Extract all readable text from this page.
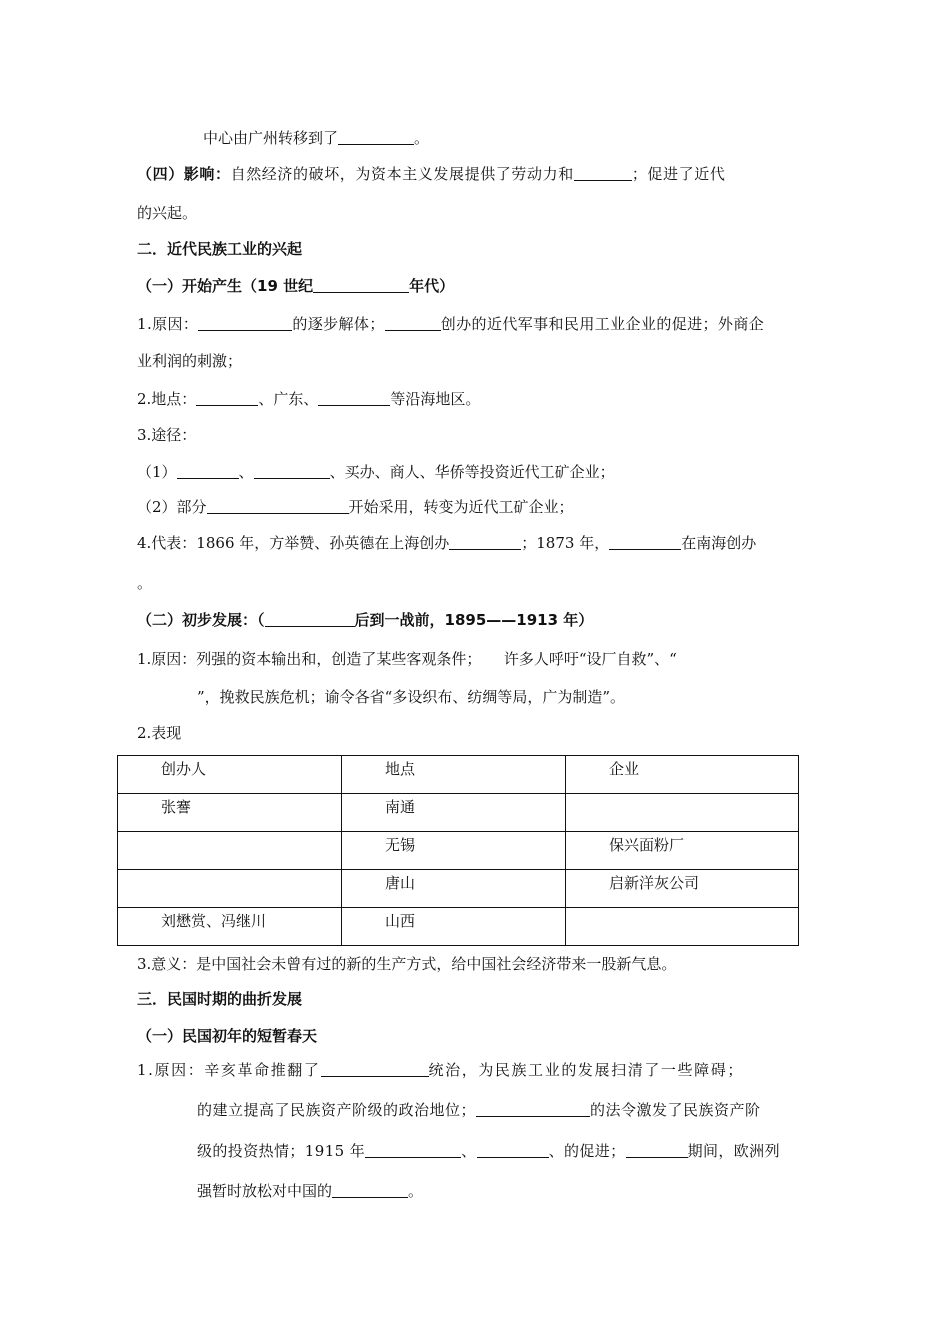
中心由广州转移到了	。
（四）影响：自然经济的破坏，为资本主义发展提供了劳动力和	；促进了近代
的兴起。
二．近代民族工业的兴起
（一）开始产生（19 世纪	年代）
1.原因：	的逐步解体；	创办的近代军事和民用工业企业的促进；外商企
业利润的刺激；
2.地点：	、广东、	等沿海地区。
3.途径：
（1）	、	、买办、商人、华侨等投资近代工矿企业；
（2）部分	开始采用，转变为近代工矿企业；
4.代表：1866 年，方举赞、孙英德在上海创办	；1873 年，	在南海创办
。
（二）初步发展：（	后到一战前，1895——1913 年）
1.原因：列强的资本输出和，创造了某些客观条件；　　许多人呼吁“设厂自救”、“
”，挽救民族危机；谕令各省“多设织布、纺绸等局，广为制造”。
2.表现
创办人	地点	企业
张謇	南通	
	无锡	保兴面粉厂
	唐山	启新洋灰公司
刘懋赏、冯继川	山西	
3.意义：是中国社会未曾有过的新的生产方式，给中国社会经济带来一股新气息。
三．民国时期的曲折发展
（一）民国初年的短暂春天
1.原因：辛亥革命推翻了	统治，为民族工业的发展扫清了一些障碍；
的建立提高了民族资产阶级的政治地位；	的法令激发了民族资产阶
级的投资热情；1915 年	、	、的促进；	期间，欧洲列
强暂时放松对中国的	。
